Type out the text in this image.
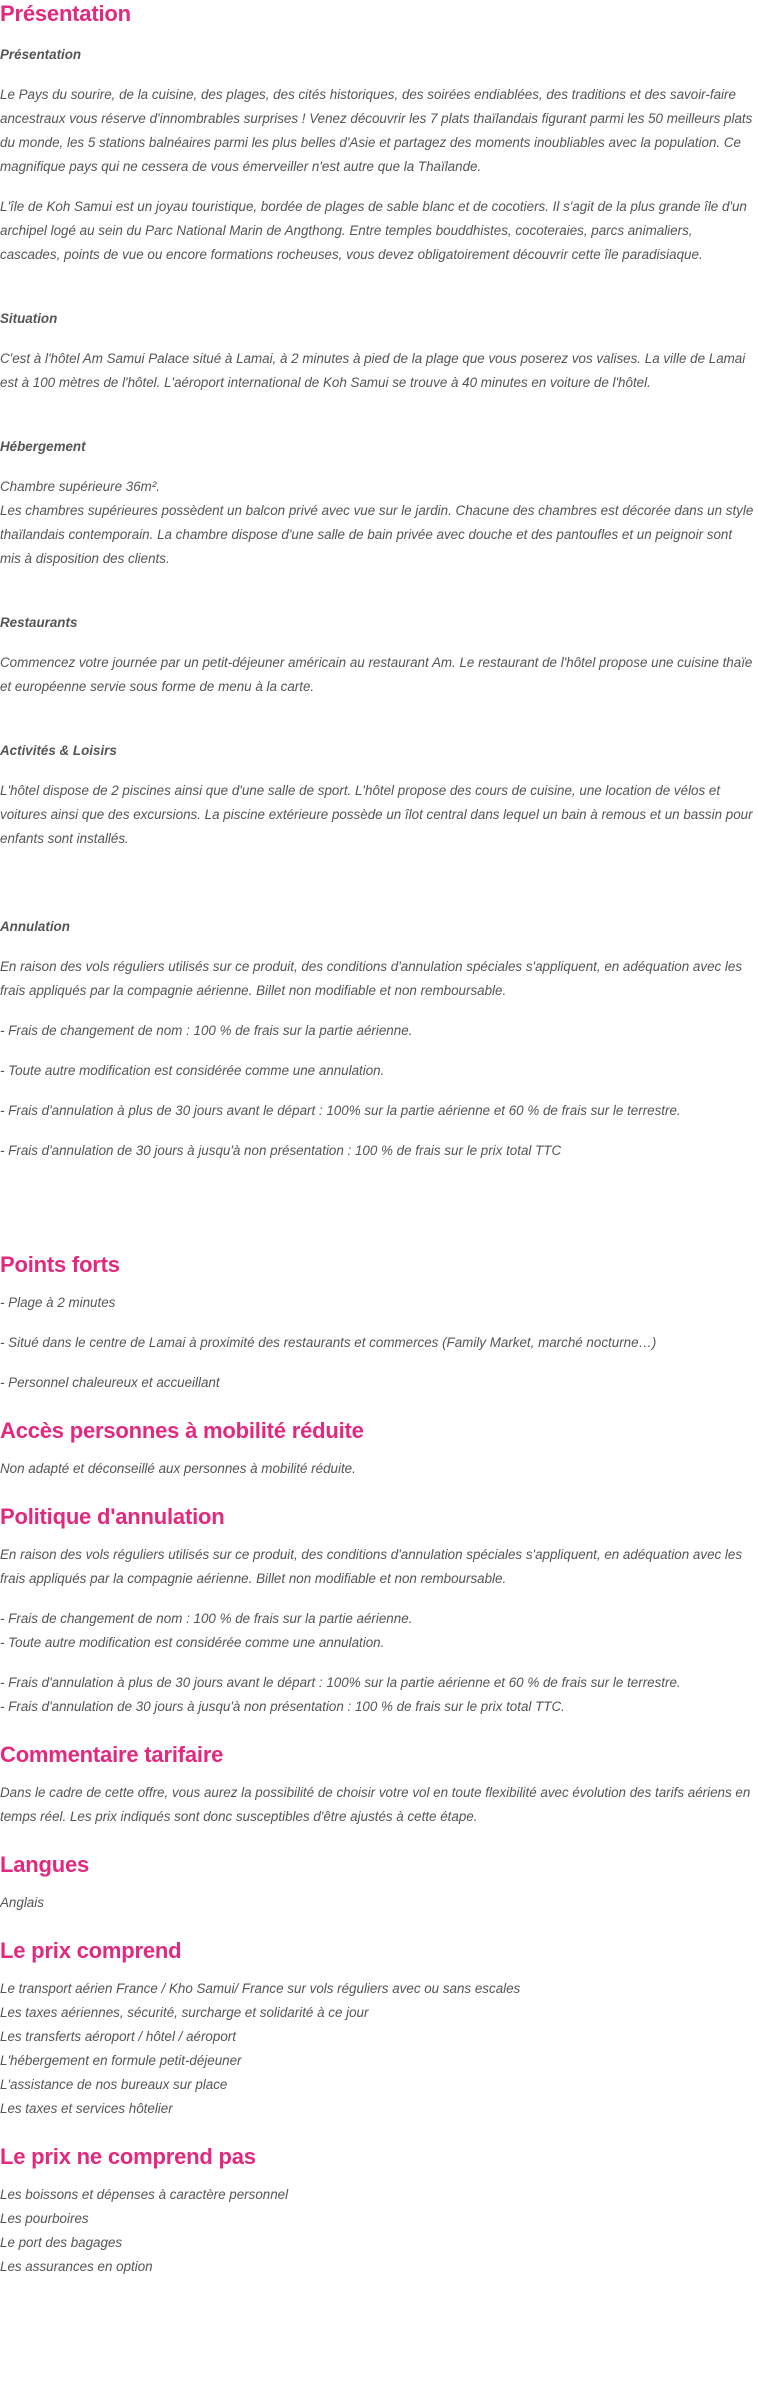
Présentation
Présentation

Le Pays du sourire, de la cuisine, des plages, des cités historiques, des soirées endiablées, des traditions et des savoir-faire ancestraux vous réserve d'innombrables surprises ! Venez découvrir les 7 plats thaïlandais figurant parmi les 50 meilleurs plats du monde, les 5 stations balnéaires parmi les plus belles d'Asie et partagez des moments inoubliables avec la population. Ce magnifique pays qui ne cessera de vous émerveiller n'est autre que la Thaïlande.

L'île de Koh Samui est un joyau touristique, bordée de plages de sable blanc et de cocotiers. Il s'agit de la plus grande île d'un archipel logé au sein du Parc National Marin de Angthong. Entre temples bouddhistes, cocoteraies, parcs animaliers, cascades, points de vue ou encore formations rocheuses, vous devez obligatoirement découvrir cette île paradisiaque.

Situation

C'est à l'hôtel Am Samui Palace situé à Lamai, à 2 minutes à pied de la plage que vous poserez vos valises. La ville de Lamai est à 100 mètres de l'hôtel. L'aéroport international de Koh Samui se trouve à 40 minutes en voiture de l'hôtel.

Hébergement

Chambre supérieure 36m².

Les chambres supérieures possèdent un balcon privé avec vue sur le jardin. Chacune des chambres est décorée dans un style thaïlandais contemporain. La chambre dispose d'une salle de bain privée avec douche et des pantoufles et un peignoir sont mis à disposition des clients.

Restaurants

Commencez votre journée par un petit-déjeuner américain au restaurant Am. Le restaurant de l'hôtel propose une cuisine thaïe et européenne servie sous forme de menu à la carte.

Activités & Loisirs

L'hôtel dispose de 2 piscines ainsi que d'une salle de sport. L'hôtel propose des cours de cuisine, une location de vélos et voitures ainsi que des excursions. La piscine extérieure possède un îlot central dans lequel un bain à remous et un bassin pour enfants sont installés.

Annulation

En raison des vols réguliers utilisés sur ce produit, des conditions d'annulation spéciales s'appliquent, en adéquation avec les frais appliqués par la compagnie aérienne. Billet non modifiable et non remboursable.

- Frais de changement de nom : 100 % de frais sur la partie aérienne.

- Toute autre modification est considérée comme une annulation.

- Frais d'annulation à plus de 30 jours avant le départ : 100% sur la partie aérienne et 60 % de frais sur le terrestre.

- Frais d'annulation de 30 jours à jusqu'à non présentation : 100 % de frais sur le prix total TTC

Points forts

- Plage à 2 minutes

- Situé dans le centre de Lamai à proximité des restaurants et commerces (Family Market, marché nocturne…)

- Personnel chaleureux et accueillant

Accès personnes à mobilité réduite

Non adapté et déconseillé aux personnes à mobilité réduite.

Politique d'annulation

En raison des vols réguliers utilisés sur ce produit, des conditions d'annulation spéciales s'appliquent, en adéquation avec les frais appliqués par la compagnie aérienne. Billet non modifiable et non remboursable.

- Frais de changement de nom : 100 % de frais sur la partie aérienne.

- Toute autre modification est considérée comme une annulation.

- Frais d'annulation à plus de 30 jours avant le départ : 100% sur la partie aérienne et 60 % de frais sur le terrestre.

- Frais d'annulation de 30 jours à jusqu'à non présentation : 100 % de frais sur le prix total TTC.

Commentaire tarifaire

Dans le cadre de cette offre, vous aurez la possibilité de choisir votre vol en toute flexibilité avec évolution des tarifs aériens en temps réel. Les prix indiqués sont donc susceptibles d'être ajustés à cette étape.

Langues

Anglais

Le prix comprend
Le transport aérien France / Kho Samui/ France sur vols réguliers avec ou sans escales
Les taxes aériennes, sécurité, surcharge et solidarité à ce jour
Les transferts aéroport / hôtel / aéroport
L'hébergement en formule petit-déjeuner
L'assistance de nos bureaux sur place
Les taxes et services hôtelier
Le prix ne comprend pas
Les boissons et dépenses à caractère personnel
Les pourboires
Le port des bagages
Les assurances en option
